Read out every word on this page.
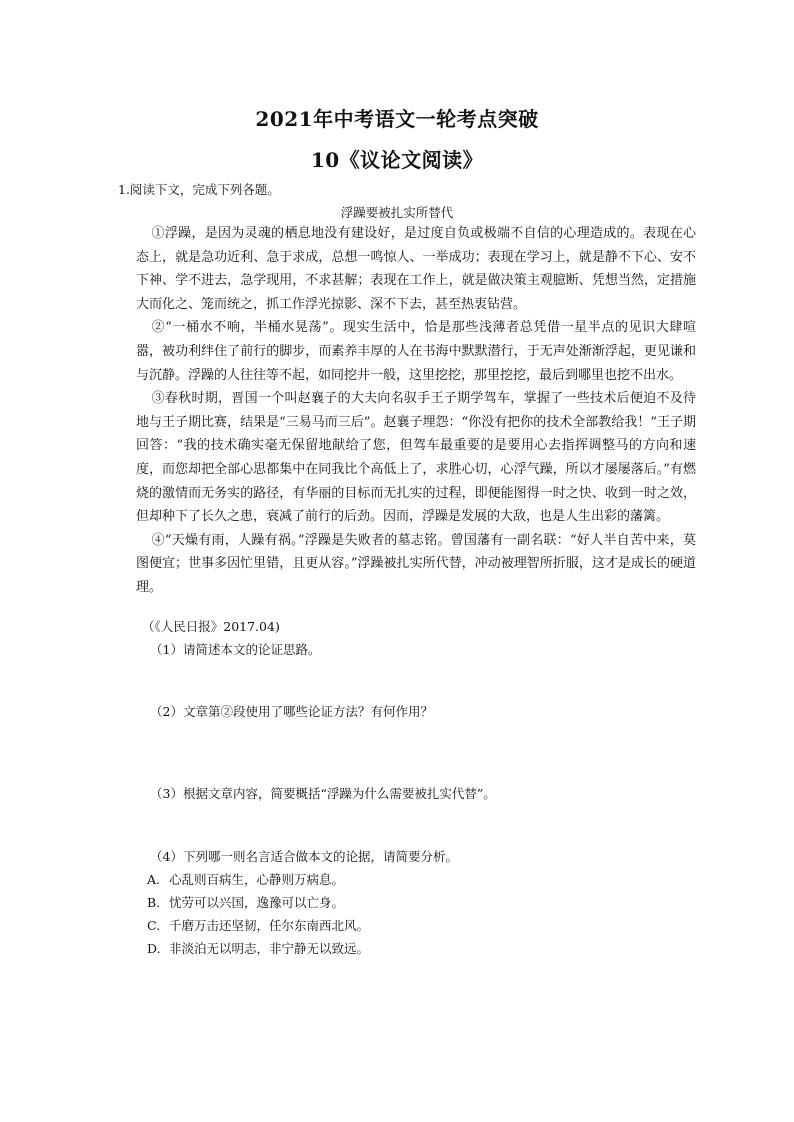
2021年中考语文一轮考点突破
10《议论文阅读》
1.阅读下文，完成下列各题。
浮躁要被扎实所替代

①浮躁，是因为灵魂的栖息地没有建设好，是过度自负或极端不自信的心理造成的。表现在心态上，就是急功近利、急于求成，总想一鸣惊人、一举成功；表现在学习上，就是静不下心、安不下神、学不进去，急学现用，不求甚解；表现在工作上，就是做决策主观臆断、凭想当然，定措施大而化之、笼而统之，抓工作浮光掠影、深不下去，甚至热衷钻营。

②“一桶水不响，半桶水晃荡”。现实生活中，恰是那些浅薄者总凭借一星半点的见识大肆喧嚣，被功利绊住了前行的脚步，而素养丰厚的人在书海中默默潜行，于无声处渐渐浮起，更见谦和与沉静。浮躁的人往往等不起，如同挖井一般，这里挖挖，那里挖挖，最后到哪里也挖不出水。

③春秋时期，晋国一个叫赵襄子的大夫向名驭手王子期学驾车，掌握了一些技术后便迫不及待地与王子期比赛，结果是“三易马而三后”。赵襄子埋怨：“你没有把你的技术全部教给我！”王子期回答：“我的技术确实毫无保留地献给了您，但驾车最重要的是要用心去指挥调整马的方向和速度，而您却把全部心思都集中在同我比个高低上了，求胜心切，心浮气躁，所以才屡屡落后。”有燃烧的激情而无务实的路径，有华丽的目标而无扎实的过程，即便能图得一时之快、收到一时之效，但却种下了长久之患，衰减了前行的后劲。因而，浮躁是发展的大敌，也是人生出彩的藩篱。

④“天燥有雨，人躁有祸。”浮躁是失败者的墓志铭。曾国藩有一副名联：“好人半自苦中来，莫图便宜；世事多因忙里错，且更从容。”浮躁被扎实所代替，冲动被理智所折服，这才是成长的硬道理。

（《人民日报》2017.04)
（1）请简述本文的论证思路。
（2）文章第②段使用了哪些论证方法？有何作用？
（3）根据文章内容，简要概括“浮躁为什么需要被扎实代替”。
（4）下列哪一则名言适合做本文的论据，请简要分析。
A. 心乱则百病生，心静则万病息。
B. 忧劳可以兴国，逸豫可以亡身。
C. 千磨万击还坚韧，任尔东南西北风。
D. 非淡泊无以明志，非宁静无以致远。
